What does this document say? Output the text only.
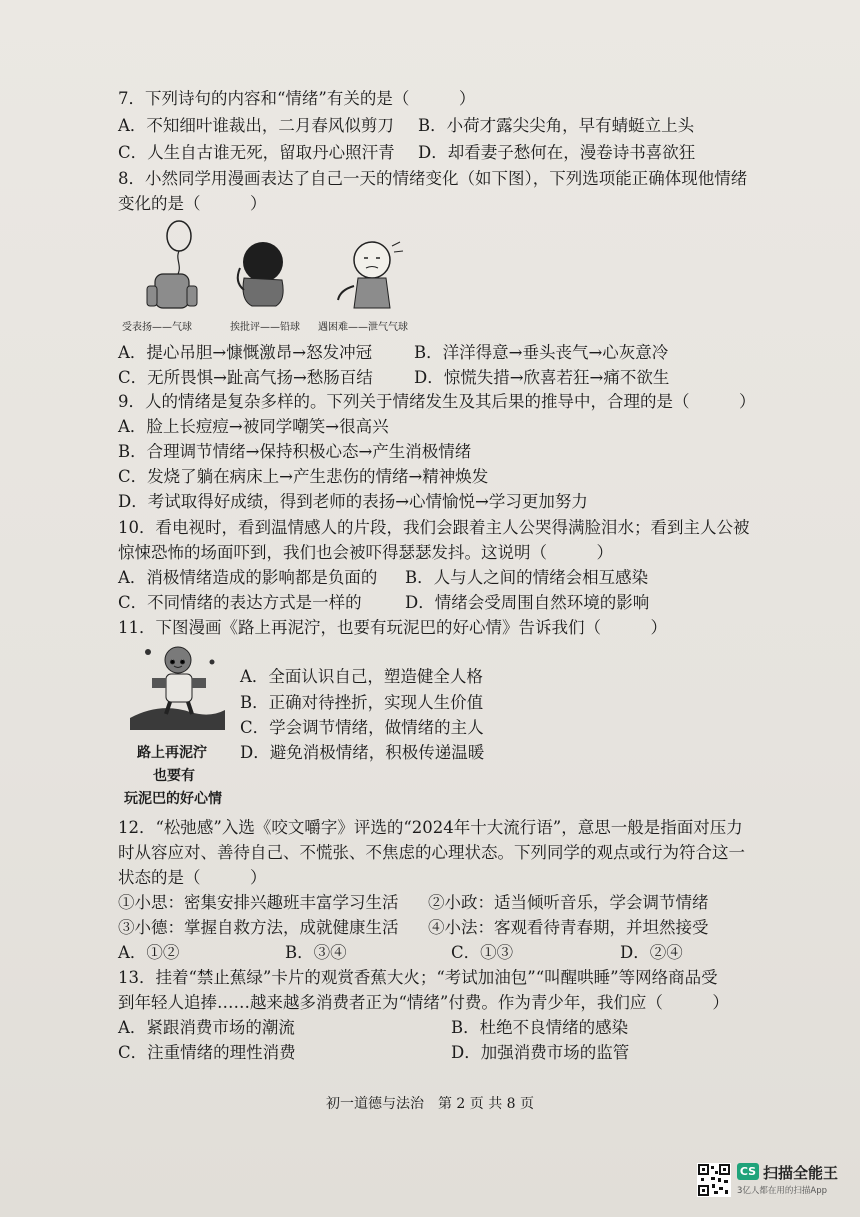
7．下列诗句的内容和“情绪”有关的是（　　　）
A．不知细叶谁裁出，二月春风似剪刀 B．小荷才露尖尖角，早有蜻蜓立上头
C．人生自古谁无死，留取丹心照汗青 D．却看妻子愁何在，漫卷诗书喜欲狂
8．小然同学用漫画表达了自己一天的情绪变化（如下图），下列选项能正确体现他情绪
变化的是（　　　）
受表扬——气球	挨批评——铅球 遇困难——泄气气球
A．提心吊胆→慷慨激昂→怒发冲冠	B．洋洋得意→垂头丧气→心灰意冷
C．无所畏惧→趾高气扬→愁肠百结 D．惊慌失措→欣喜若狂→痛不欲生
9．人的情绪是复杂多样的。下列关于情绪发生及其后果的推导中，合理的是（　　　）
A．脸上长痘痘→被同学嘲笑→很高兴
B．合理调节情绪→保持积极心态→产生消极情绪
C．发烧了躺在病床上→产生悲伤的情绪→精神焕发
D．考试取得好成绩，得到老师的表扬→心情愉悦→学习更加努力
10．看电视时，看到温情感人的片段，我们会跟着主人公哭得满脸泪水；看到主人公被
惊悚恐怖的场面吓到，我们也会被吓得瑟瑟发抖。这说明（　　　）
A．消极情绪造成的影响都是负面的 B．人与人之间的情绪会相互感染
C．不同情绪的表达方式是一样的	D．情绪会受周围自然环境的影响
11．下图漫画《路上再泥泞，也要有玩泥巴的好心情》告诉我们（　　　）
路上再泥泞
也要有
玩泥巴的好心情
A．全面认识自己，塑造健全人格
B．正确对待挫折，实现人生价值
C．学会调节情绪，做情绪的主人
D．避免消极情绪，积极传递温暖
12．“松弛感”入选《咬文嚼字》评选的“2024年十大流行语”，意思一般是指面对压力
时从容应对、善待自己、不慌张、不焦虑的心理状态。下列同学的观点或行为符合这一
状态的是（　　　）
①小思：密集安排兴趣班丰富学习生活 ②小政：适当倾听音乐，学会调节情绪
③小德：掌握自救方法，成就健康生活 ④小法：客观看待青春期，并坦然接受
A．①②	B．③④	C．①③	D．②④
13．挂着“禁止蕉绿”卡片的观赏香蕉大火；“考试加油包”“叫醒哄睡”等网络商品受
到年轻人追捧……越来越多消费者正为“情绪”付费。作为青少年，我们应（　　　）
A．紧跟消费市场的潮流	B．杜绝不良情绪的感染
C．注重情绪的理性消费	D．加强消费市场的监管
初一道德与法治　第 2 页 共 8 页
CS 扫描全能王
3亿人都在用的扫描App
